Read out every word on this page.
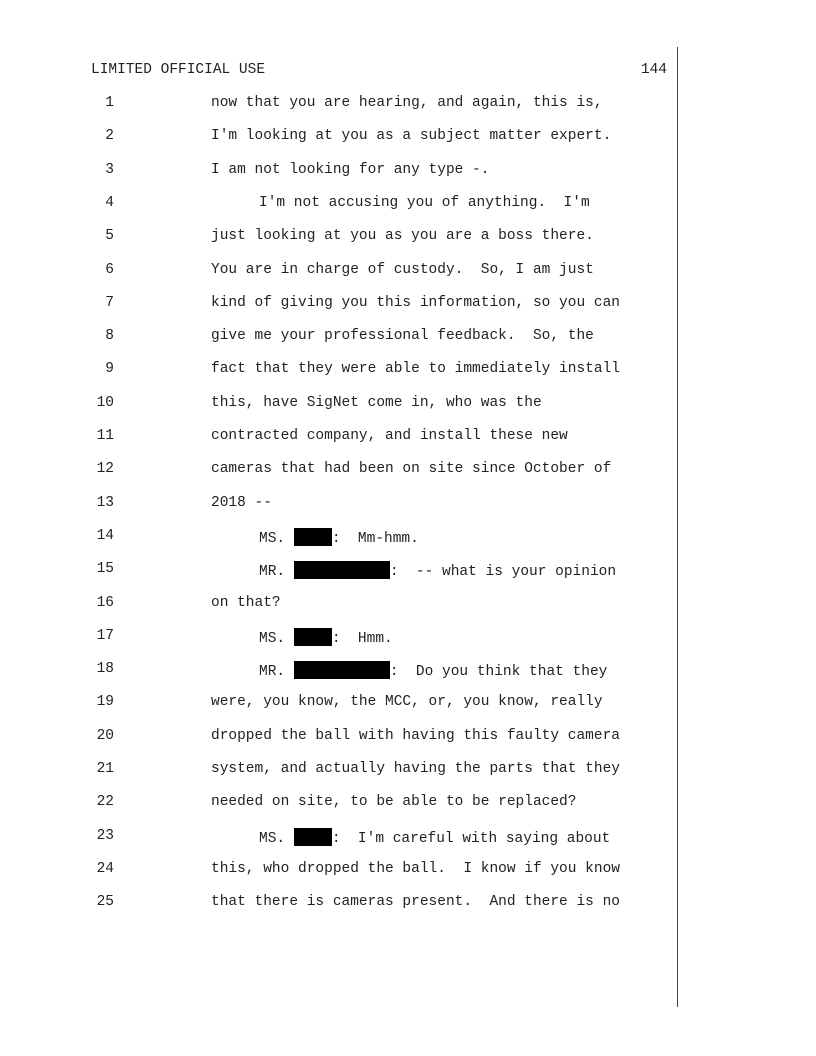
LIMITED OFFICIAL USE	144
1	now that you are hearing, and again, this is,
2	I'm looking at you as a subject matter expert.
3	I am not looking for any type -.
4	I'm not accusing you of anything.  I'm
5	just looking at you as you are a boss there.
6	You are in charge of custody.  So, I am just
7	kind of giving you this information, so you can
8	give me your professional feedback.  So, the
9	fact that they were able to immediately install
10	this, have SigNet come in, who was the
11	contracted company, and install these new
12	cameras that had been on site since October of
13	2018 --
14	MS.	:  Mm-hmm.
15	MR.	:  -- what is your opinion
16	on that?
17	MS.	:  Hmm.
18	MR.	:  Do you think that they
19	were, you know, the MCC, or, you know, really
20	dropped the ball with having this faulty camera
21	system, and actually having the parts that they
22	needed on site, to be able to be replaced?
23	MS.	:  I'm careful with saying about
24	this, who dropped the ball.  I know if you know
25	that there is cameras present.  And there is no
